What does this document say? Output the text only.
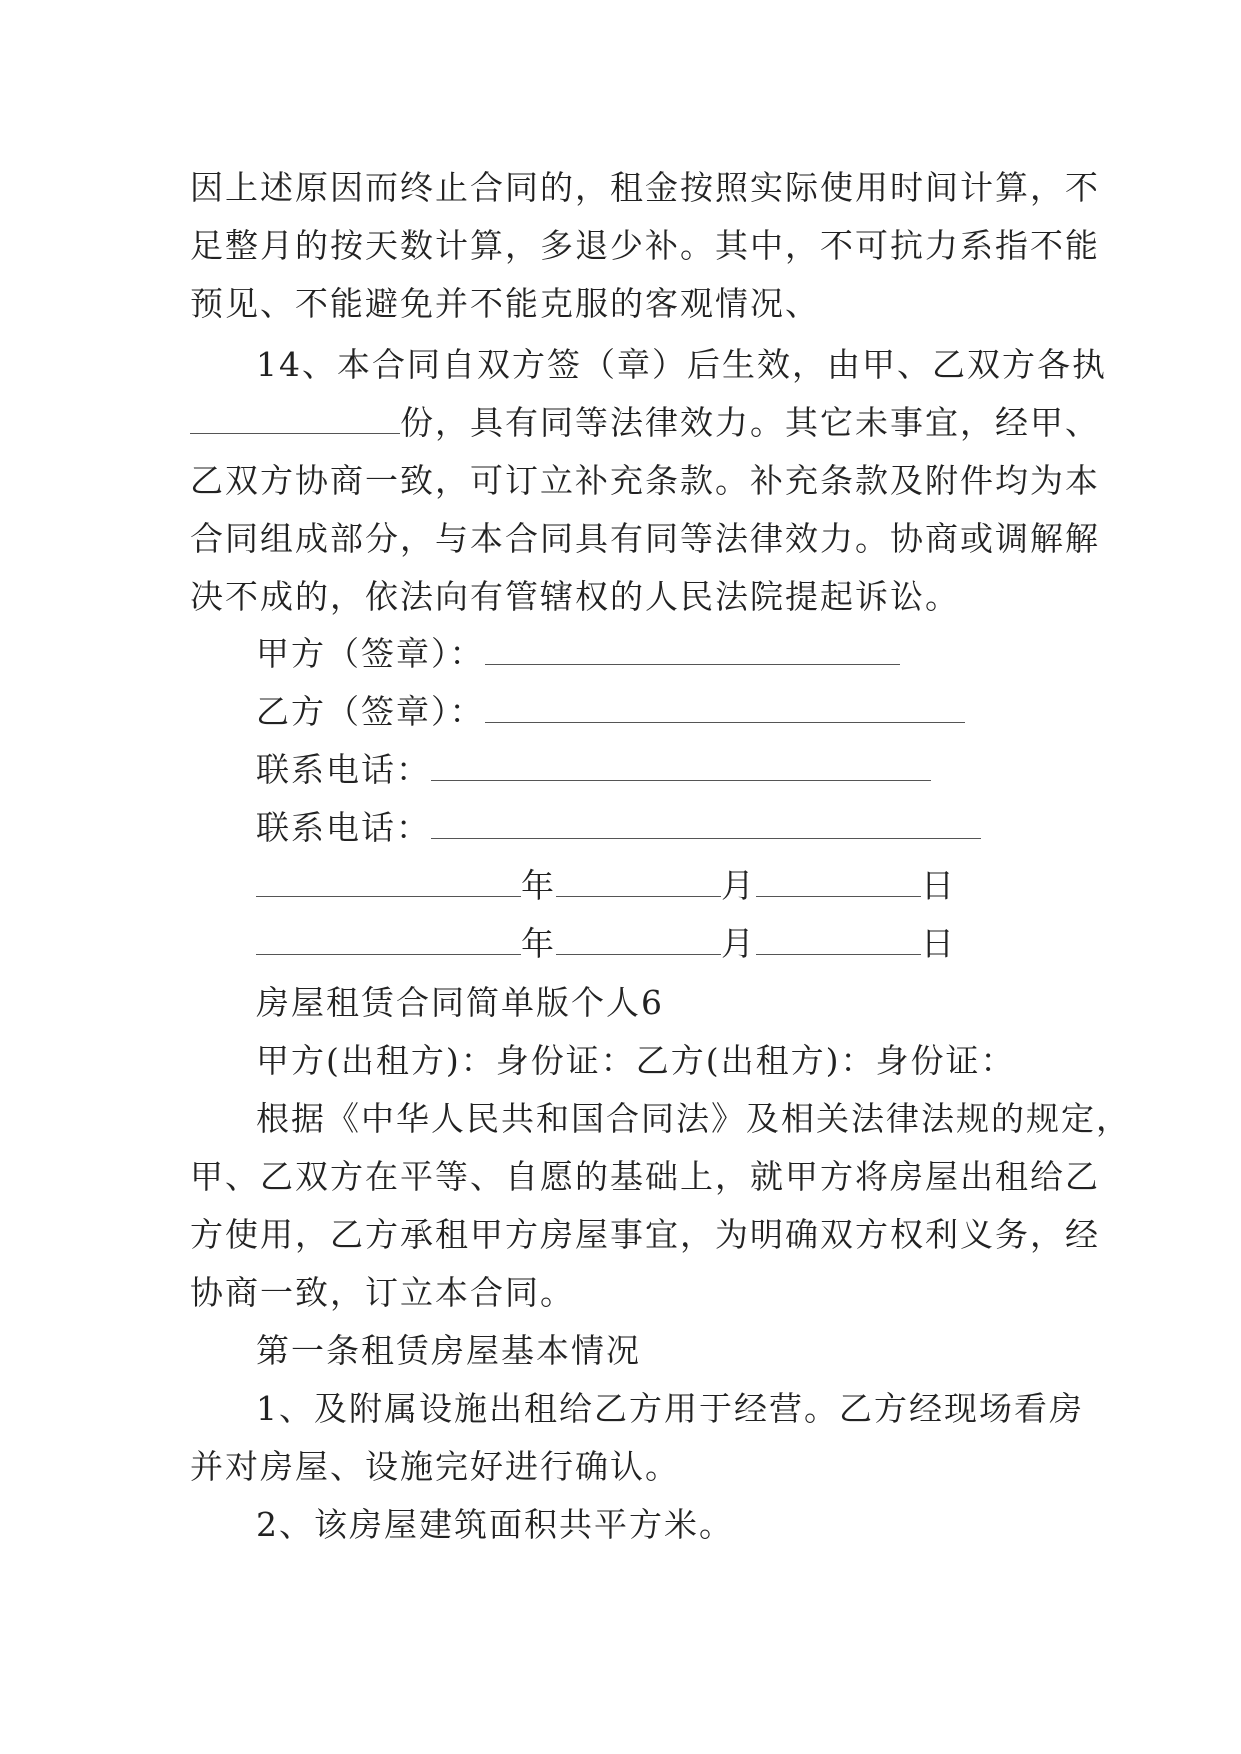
因上述原因而终止合同的，租金按照实际使用时间计算，不
足整月的按天数计算，多退少补。其中，不可抗力系指不能
预见、不能避免并不能克服的客观情况、
14、本合同自双方签（章）后生效，由甲、乙双方各执
份，具有同等法律效力。其它未事宜，经甲、
乙双方协商一致，可订立补充条款。补充条款及附件均为本
合同组成部分，与本合同具有同等法律效力。协商或调解解
决不成的，依法向有管辖权的人民法院提起诉讼。
甲方（签章）：
乙方（签章）：
联系电话：
联系电话：
年	月	日
年	月	日
房屋租赁合同简单版个人6
甲方(出租方)：身份证：乙方(出租方)：身份证：
根据《中华人民共和国合同法》及相关法律法规的规定，
甲、乙双方在平等、自愿的基础上，就甲方将房屋出租给乙
方使用，乙方承租甲方房屋事宜，为明确双方权利义务，经
协商一致，订立本合同。
第一条租赁房屋基本情况
1、及附属设施出租给乙方用于经营。乙方经现场看房
并对房屋、设施完好进行确认。
2、该房屋建筑面积共平方米。
